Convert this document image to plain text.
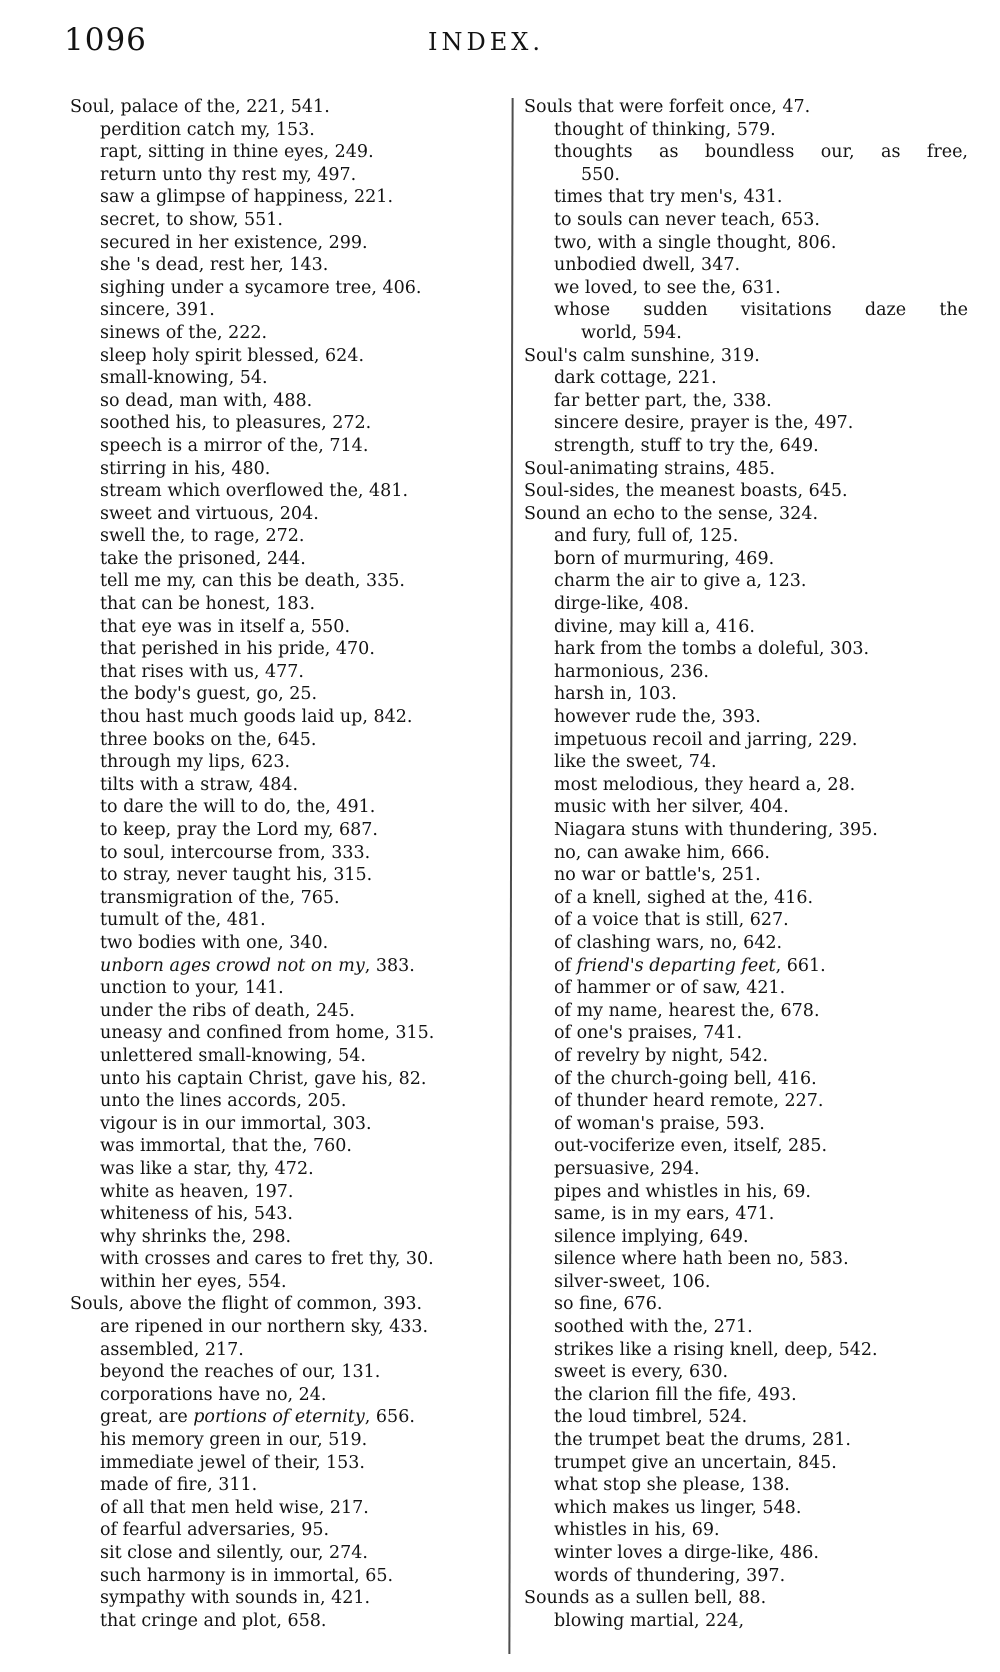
1096	INDEX.
Soul, palace of the, 221, 541.
perdition catch my, 153.
rapt, sitting in thine eyes, 249.
return unto thy rest my, 497.
saw a glimpse of happiness, 221.
secret, to show, 551.
secured in her existence, 299.
she 's dead, rest her, 143.
sighing under a sycamore tree, 406.
sincere, 391.
sinews of the, 222.
sleep holy spirit blessed, 624.
small-knowing, 54.
so dead, man with, 488.
soothed his, to pleasures, 272.
speech is a mirror of the, 714.
stirring in his, 480.
stream which overflowed the, 481.
sweet and virtuous, 204.
swell the, to rage, 272.
take the prisoned, 244.
tell me my, can this be death, 335.
that can be honest, 183.
that eye was in itself a, 550.
that perished in his pride, 470.
that rises with us, 477.
the body's guest, go, 25.
thou hast much goods laid up, 842.
three books on the, 645.
through my lips, 623.
tilts with a straw, 484.
to dare the will to do, the, 491.
to keep, pray the Lord my, 687.
to soul, intercourse from, 333.
to stray, never taught his, 315.
transmigration of the, 765.
tumult of the, 481.
two bodies with one, 340.
unborn ages crowd not on my, 383.
unction to your, 141.
under the ribs of death, 245.
uneasy and confined from home, 315.
unlettered small-knowing, 54.
unto his captain Christ, gave his, 82.
unto the lines accords, 205.
vigour is in our immortal, 303.
was immortal, that the, 760.
was like a star, thy, 472.
white as heaven, 197.
whiteness of his, 543.
why shrinks the, 298.
with crosses and cares to fret thy, 30.
within her eyes, 554.
Souls, above the flight of common, 393.
are ripened in our northern sky, 433.
assembled, 217.
beyond the reaches of our, 131.
corporations have no, 24.
great, are portions of eternity, 656.
his memory green in our, 519.
immediate jewel of their, 153.
made of fire, 311.
of all that men held wise, 217.
of fearful adversaries, 95.
sit close and silently, our, 274.
such harmony is in immortal, 65.
sympathy with sounds in, 421.
that cringe and plot, 658.
Souls that were forfeit once, 47.
thought of thinking, 579.
thoughts as boundless our, as free,
550.
times that try men's, 431.
to souls can never teach, 653.
two, with a single thought, 806.
unbodied dwell, 347.
we loved, to see the, 631.
whose sudden visitations daze the
world, 594.
Soul's calm sunshine, 319.
dark cottage, 221.
far better part, the, 338.
sincere desire, prayer is the, 497.
strength, stuff to try the, 649.
Soul-animating strains, 485.
Soul-sides, the meanest boasts, 645.
Sound an echo to the sense, 324.
and fury, full of, 125.
born of murmuring, 469.
charm the air to give a, 123.
dirge-like, 408.
divine, may kill a, 416.
hark from the tombs a doleful, 303.
harmonious, 236.
harsh in, 103.
however rude the, 393.
impetuous recoil and jarring, 229.
like the sweet, 74.
most melodious, they heard a, 28.
music with her silver, 404.
Niagara stuns with thundering, 395.
no, can awake him, 666.
no war or battle's, 251.
of a knell, sighed at the, 416.
of a voice that is still, 627.
of clashing wars, no, 642.
of friend's departing feet, 661.
of hammer or of saw, 421.
of my name, hearest the, 678.
of one's praises, 741.
of revelry by night, 542.
of the church-going bell, 416.
of thunder heard remote, 227.
of woman's praise, 593.
out-vociferize even, itself, 285.
persuasive, 294.
pipes and whistles in his, 69.
same, is in my ears, 471.
silence implying, 649.
silence where hath been no, 583.
silver-sweet, 106.
so fine, 676.
soothed with the, 271.
strikes like a rising knell, deep, 542.
sweet is every, 630.
the clarion fill the fife, 493.
the loud timbrel, 524.
the trumpet beat the drums, 281.
trumpet give an uncertain, 845.
what stop she please, 138.
which makes us linger, 548.
whistles in his, 69.
winter loves a dirge-like, 486.
words of thundering, 397.
Sounds as a sullen bell, 88.
blowing martial, 224,
